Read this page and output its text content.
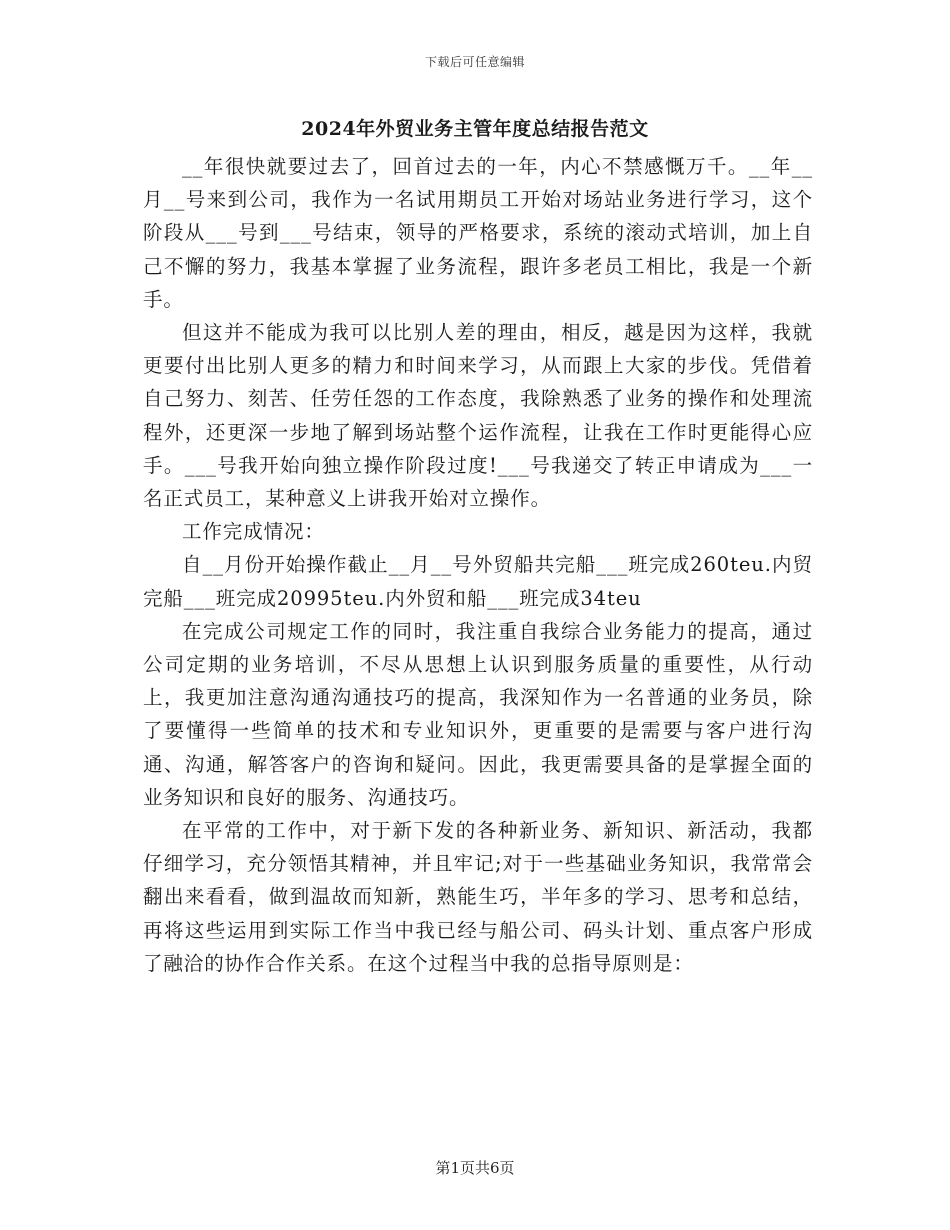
下载后可任意编辑
2024年外贸业务主管年度总结报告范文

__年很快就要过去了，回首过去的一年，内心不禁感慨万千。__年__月__号来到公司，我作为一名试用期员工开始对场站业务进行学习，这个阶段从___号到___号结束，领导的严格要求，系统的滚动式培训，加上自己不懈的努力，我基本掌握了业务流程，跟许多老员工相比，我是一个新手。

但这并不能成为我可以比别人差的理由，相反，越是因为这样，我就更要付出比别人更多的精力和时间来学习，从而跟上大家的步伐。凭借着自己努力、刻苦、任劳任怨的工作态度，我除熟悉了业务的操作和处理流程外，还更深一步地了解到场站整个运作流程，让我在工作时更能得心应手。___号我开始向独立操作阶段过度!___号我递交了转正申请成为___一名正式员工，某种意义上讲我开始对立操作。

工作完成情况：

自__月份开始操作截止__月__号外贸船共完船___班完成260teu.内贸完船___班完成20995teu.内外贸和船___班完成34teu

在完成公司规定工作的同时，我注重自我综合业务能力的提高，通过公司定期的业务培训，不尽从思想上认识到服务质量的重要性，从行动上，我更加注意沟通沟通技巧的提高，我深知作为一名普通的业务员，除了要懂得一些简单的技术和专业知识外，更重要的是需要与客户进行沟通、沟通，解答客户的咨询和疑问。因此，我更需要具备的是掌握全面的业务知识和良好的服务、沟通技巧。

在平常的工作中，对于新下发的各种新业务、新知识、新活动，我都仔细学习，充分领悟其精神，并且牢记;对于一些基础业务知识，我常常会翻出来看看，做到温故而知新，熟能生巧，半年多的学习、思考和总结，再将这些运用到实际工作当中我已经与船公司、码头计划、重点客户形成了融洽的协作合作关系。在这个过程当中我的总指导原则是：

第1页共6页
